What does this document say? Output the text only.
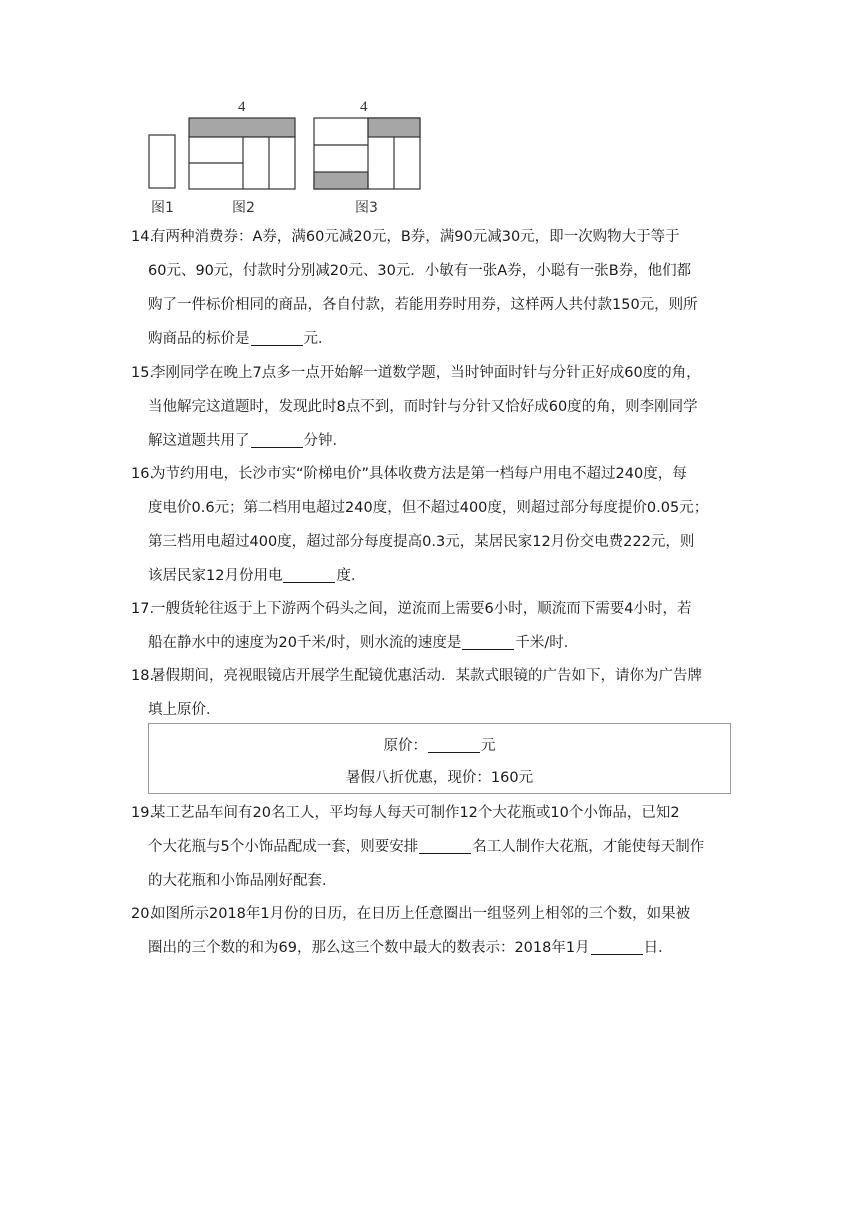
图1
4
图2
4
图3
14.
有两种消费券：A券，满60元减20元，B券，满90元减30元，即一次购物大于等于
60元、90元，付款时分别减20元、30元．小敏有一张A券，小聪有一张B券，他们都
购了一件标价相同的商品，各自付款，若能用券时用券，这样两人共付款150元，则所
购商品的标价是	元．
15.
李刚同学在晚上7点多一点开始解一道数学题，当时钟面时针与分针正好成60度的角，
当他解完这道题时，发现此时8点不到，而时针与分针又恰好成60度的角，则李刚同学
解这道题共用了	分钟．
16.
为节约用电，长沙市实“阶梯电价”具体收费方法是第一档每户用电不超过240度，每
度电价0.6元；第二档用电超过240度，但不超过400度，则超过部分每度提价0.05元；
第三档用电超过400度，超过部分每度提高0.3元，某居民家12月份交电费222元，则
该居民家12月份用电	度．
17.
一艘货轮往返于上下游两个码头之间，逆流而上需要6小时，顺流而下需要4小时，若
船在静水中的速度为20千米/时，则水流的速度是	千米/时．
18.
暑假期间，亮视眼镜店开展学生配镜优惠活动．某款式眼镜的广告如下，请你为广告牌
填上原价．
原价：	元
暑假八折优惠，现价：160元
19.
某工艺品车间有20名工人，平均每人每天可制作12个大花瓶或10个小饰品，已知2
个大花瓶与5个小饰品配成一套，则要安排	名工人制作大花瓶，才能使每天制作
的大花瓶和小饰品刚好配套．
20.
如图所示2018年1月份的日历，在日历上任意圈出一组竖列上相邻的三个数，如果被
圈出的三个数的和为69，那么这三个数中最大的数表示：2018年1月	日．
